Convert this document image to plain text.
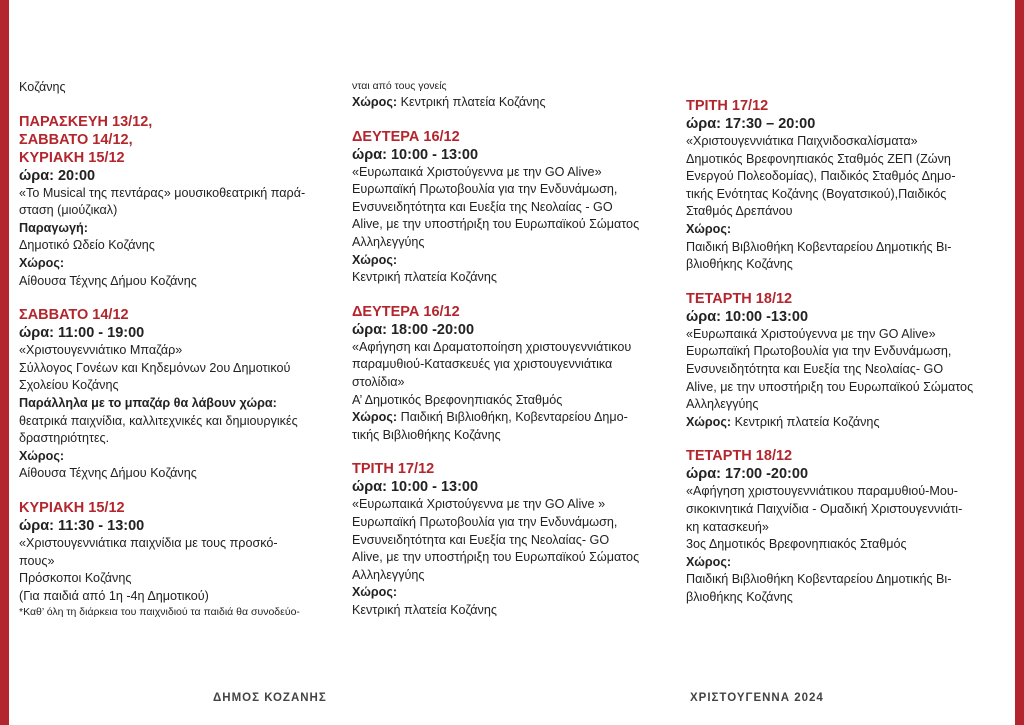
Κοζάνης
ΠΑΡΑΣΚΕΥΗ 13/12,
ΣΑΒΒΑΤΟ 14/12,
ΚΥΡΙΑΚΗ 15/12
ώρα: 20:00
«Το Musical της πεντάρας» μουσικοθεατρική παρά-
σταση (μιούζικαλ)
Παραγωγή:
Δημοτικό Ωδείο Κοζάνης
Χώρος:
Αίθουσα Τέχνης Δήμου Κοζάνης
ΣΑΒΒΑΤΟ 14/12
ώρα: 11:00 - 19:00
«Χριστουγεννιάτικο Μπαζάρ»
Σύλλογος Γονέων και Κηδεμόνων 2ου Δημοτικού
Σχολείου Κοζάνης
Παράλληλα με το μπαζάρ θα λάβουν χώρα:
θεατρικά παιχνίδια, καλλιτεχνικές και δημιουργικές
δραστηριότητες.
Χώρος:
Αίθουσα Τέχνης Δήμου Κοζάνης
ΚΥΡΙΑΚΗ 15/12
ώρα: 11:30 - 13:00
«Χριστουγεννιάτικα παιχνίδια με τους προσκό-
πους»
Πρόσκοποι Κοζάνης
(Για παιδιά από 1η -4η Δημοτικού)
*Καθ’ όλη τη διάρκεια του παιχνιδιού τα παιδιά θα συνοδεύο-
νται από τους γονείς
Χώρος: Κεντρική πλατεία Κοζάνης
ΔΕΥΤΕΡΑ 16/12
ώρα: 10:00 - 13:00
«Ευρωπαικά Χριστούγεννα με την GO Alive»
Ευρωπαϊκή Πρωτοβουλία για την Ενδυνάμωση,
Ενσυνειδητότητα και Ευεξία της Νεολαίας - GO
Alive, με την υποστήριξη του Ευρωπαϊκού Σώματος
Αλληλεγγύης
Χώρος:
Κεντρική πλατεία Κοζάνης
ΔΕΥΤΕΡΑ 16/12
ώρα: 18:00 -20:00
«Αφήγηση και Δραματοποίηση χριστουγεννιάτικου
παραμυθιού-Κατασκευές για χριστουγεννιάτικα
στολίδια»
Α’ Δημοτικός Βρεφονηπιακός Σταθμός
Χώρος: Παιδική Βιβλιοθήκη, Κοβενταρείου Δημο-
τικής Βιβλιοθήκης Κοζάνης
ΤΡΙΤΗ 17/12
ώρα: 10:00 - 13:00
«Ευρωπαικά Χριστούγεννα με την GO Alive »
Ευρωπαϊκή Πρωτοβουλία για την Ενδυνάμωση,
Ενσυνειδητότητα και Ευεξία της Νεολαίας- GO
Alive, με την υποστήριξη του Ευρωπαϊκού Σώματος
Αλληλεγγύης
Χώρος:
Κεντρική πλατεία Κοζάνης
ΤΡΙΤΗ 17/12
ώρα: 17:30 – 20:00
«Χριστουγεννιάτικα Παιχνιδοσκαλίσματα»
Δημοτικός Βρεφονηπιακός Σταθμός ΖΕΠ (Ζώνη
Ενεργού Πολεοδομίας), Παιδικός Σταθμός Δημο-
τικής Ενότητας Κοζάνης (Βογατσικού),Παιδικός
Σταθμός Δρεπάνου
Χώρος:
Παιδική Βιβλιοθήκη Κοβενταρείου Δημοτικής Βι-
βλιοθήκης Κοζάνης
ΤΕΤΑΡΤΗ 18/12
ώρα: 10:00 -13:00
«Ευρωπαικά Χριστούγεννα με την GO Alive»
Ευρωπαϊκή Πρωτοβουλία για την Ενδυνάμωση,
Ενσυνειδητότητα και Ευεξία της Νεολαίας- GO
Alive, με την υποστήριξη του Ευρωπαϊκού Σώματος
Αλληλεγγύης
Χώρος: Κεντρική πλατεία Κοζάνης
ΤΕΤΑΡΤΗ 18/12
ώρα: 17:00 -20:00
«Αφήγηση χριστουγεννιάτικου παραμυθιού-Μου-
σικοκινητικά Παιχνίδια - Ομαδική Χριστουγεννιάτι-
κη κατασκευή»
3ος Δημοτικός Βρεφονηπιακός Σταθμός
Χώρος:
Παιδική Βιβλιοθήκη Κοβενταρείου Δημοτικής Βι-
βλιοθήκης Κοζάνης
ΔΗΜΟΣ ΚΟΖΑΝΗΣ	ΧΡΙΣΤΟΥΓΕΝΝΑ 2024
